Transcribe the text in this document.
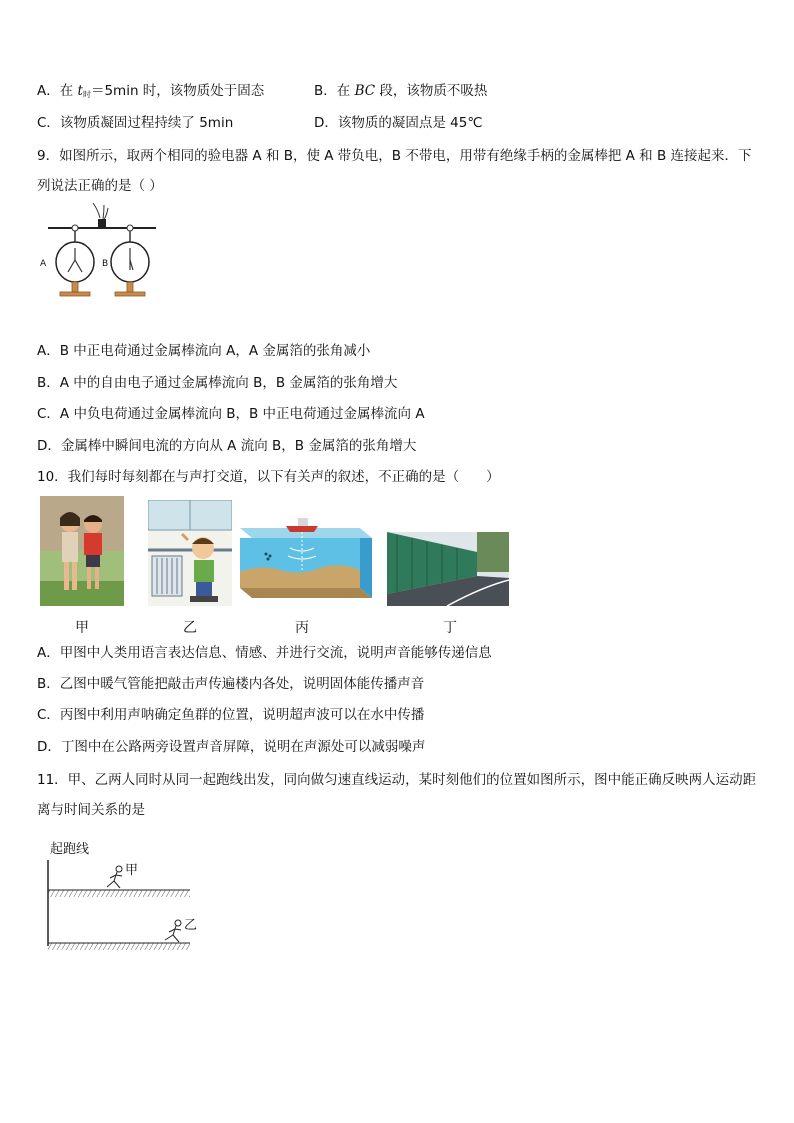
A．在 $t_时=5\min$ 时，该物质处于固态	B．在 BC 段，该物质不吸热
C．该物质凝固过程持续了 5min	D．该物质的凝固点是 45℃
9．如图所示，取两个相同的验电器 A 和 B，使 A 带负电，B 不带电，用带有绝缘手柄的金属棒把 A 和 B 连接起来．下列说法正确的是（ ）
A	B
A．B 中正电荷通过金属棒流向 A，A 金属箔的张角减小
B．A 中的自由电子通过金属棒流向 B，B 金属箔的张角增大
C．A 中负电荷通过金属棒流向 B，B 中正电荷通过金属棒流向 A
D．金属棒中瞬间电流的方向从 A 流向 B，B 金属箔的张角增大
10．我们每时每刻都在与声打交道，以下有关声的叙述，不正确的是（　　）
甲	乙	丙	丁
A．甲图中人类用语言表达信息、情感、并进行交流，说明声音能够传递信息
B．乙图中暖气管能把敲击声传遍楼内各处，说明固体能传播声音
C．丙图中利用声呐确定鱼群的位置，说明超声波可以在水中传播
D．丁图中在公路两旁设置声音屏障，说明在声源处可以减弱噪声
11．甲、乙两人同时从同一起跑线出发，同向做匀速直线运动，某时刻他们的位置如图所示，图中能正确反映两人运动距离与时间关系的是
起跑线
甲
乙
